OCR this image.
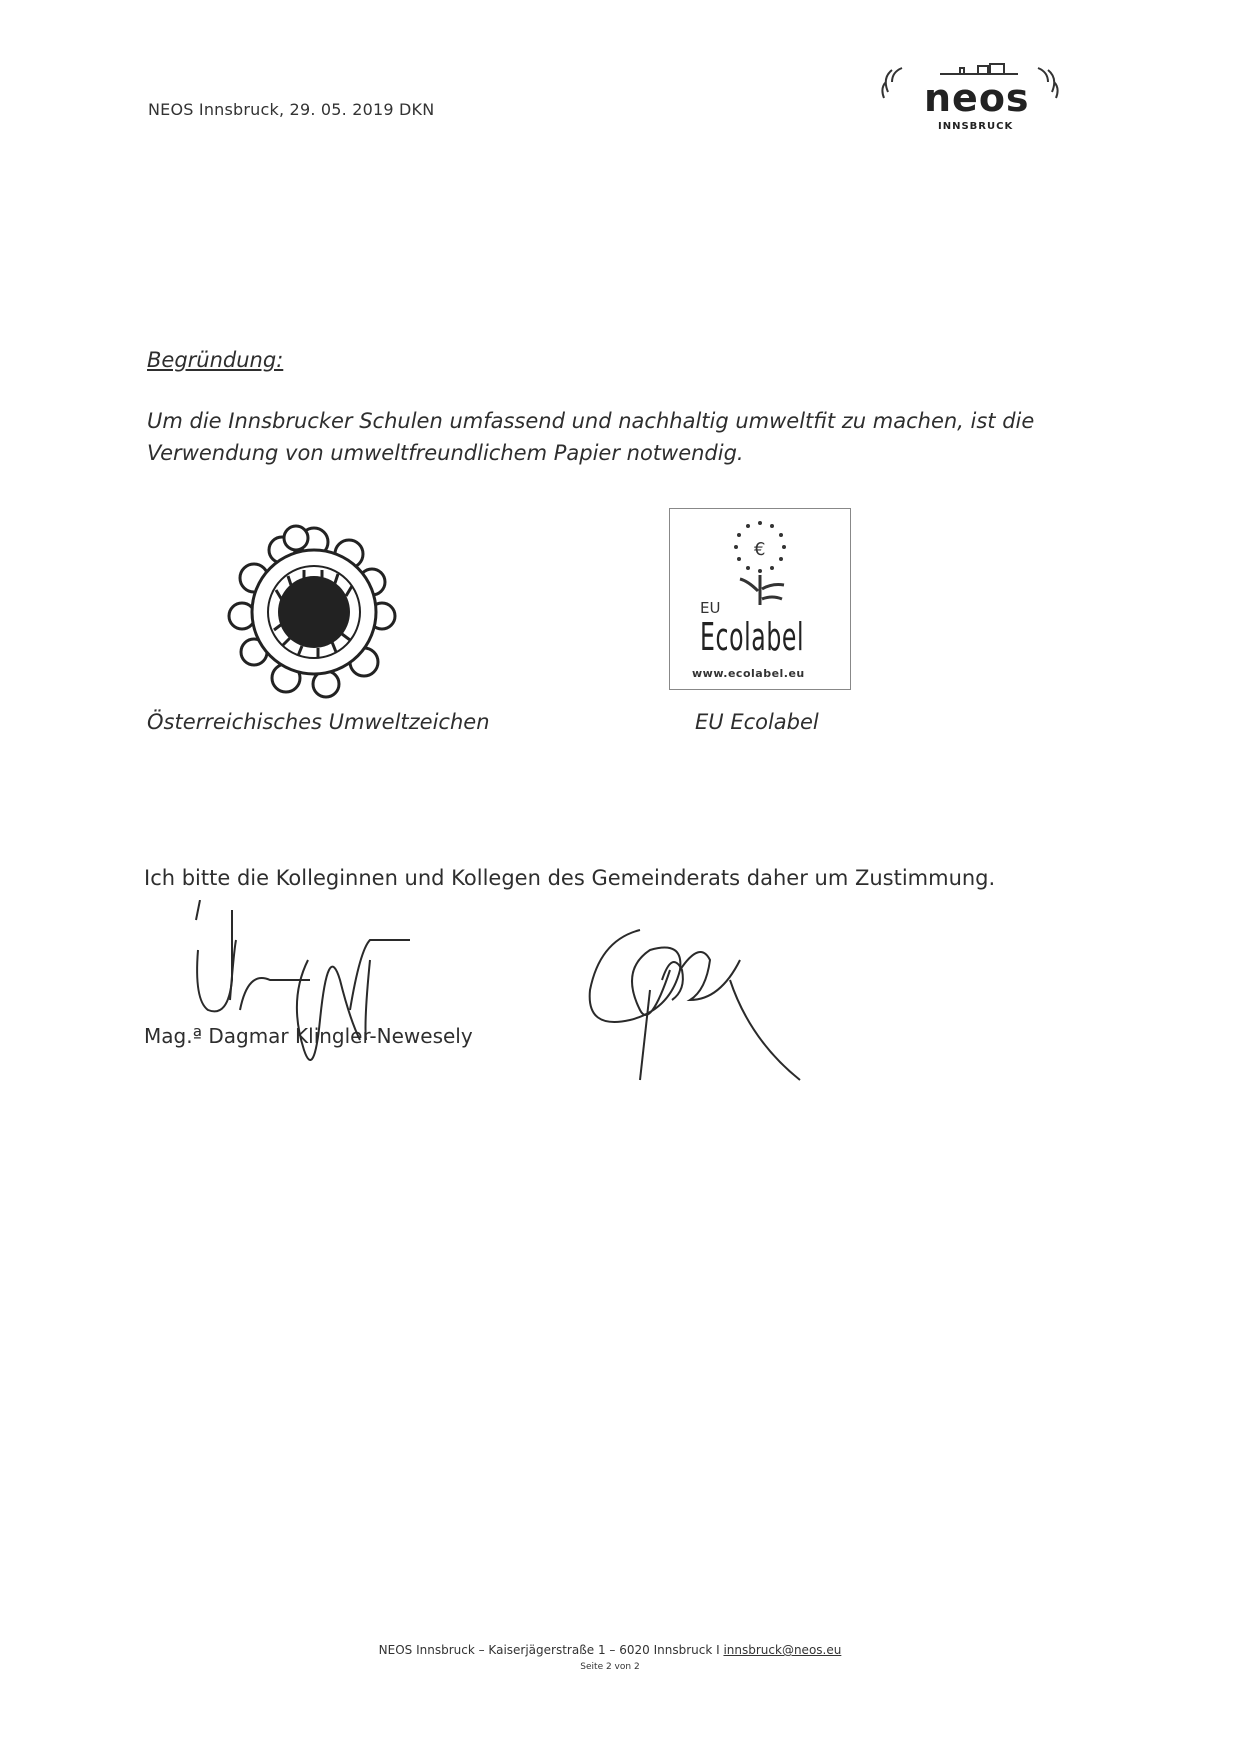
NEOS Innsbruck, 29. 05. 2019 DKN	neos
INNSBRUCK
Begründung:
Um die Innsbrucker Schulen umfassend und nachhaltig umweltfit zu machen, ist die Verwendung von umweltfreundlichem Papier notwendig.
€
EU
Ecolabel
www.ecolabel.eu
Österreichisches Umweltzeichen	EU Ecolabel
Ich bitte die Kolleginnen und Kollegen des Gemeinderats daher um Zustimmung.
Mag.ª Dagmar Klingler-Newesely
NEOS Innsbruck – Kaiserjägerstraße 1 – 6020 Innsbruck I innsbruck@neos.eu
Seite 2 von 2
